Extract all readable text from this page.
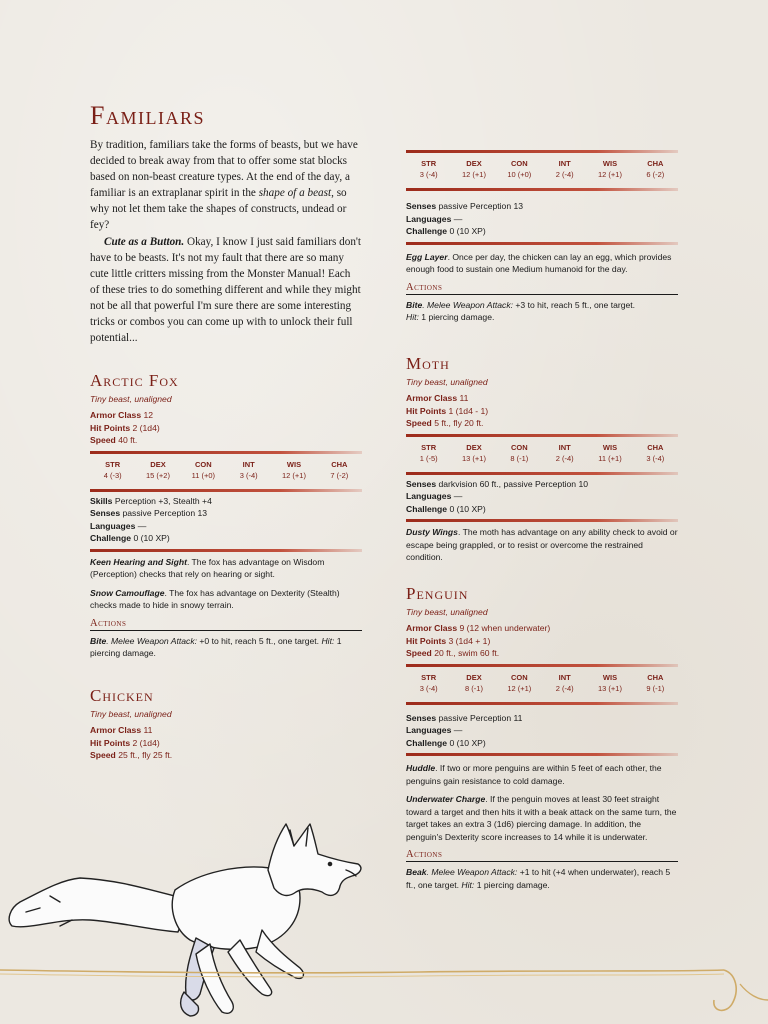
Familiars

By tradition, familiars take the forms of beasts, but we have decided to break away from that to offer some stat blocks based on non-beast creature types. At the end of the day, a familiar is an extraplanar spirit in the shape of a beast, so why not let them take the shapes of constructs, undead or fey?

Cute as a Button. Okay, I know I just said familiars don't have to be beasts. It's not my fault that there are so many cute little critters missing from the Monster Manual! Each of these tries to do something different and while they might not be all that powerful I'm sure there are some interesting tricks or combos you can come up with to unlock their full potential...

Arctic Fox
Tiny beast, unaligned
Armor Class 12
Hit Points 2 (1d4)
Speed 40 ft.
STR	DEX	CON	INT	WIS	CHA
4 (-3)	15 (+2)	11 (+0)	3 (-4)	12 (+1)	7 (-2)
Skills Perception +3, Stealth +4
Senses passive Perception 13
Languages —
Challenge 0 (10 XP)

Keen Hearing and Sight. The fox has advantage on Wisdom (Perception) checks that rely on hearing or sight.

Snow Camouflage. The fox has advantage on Dexterity (Stealth) checks made to hide in snowy terrain.

Actions

Bite. Melee Weapon Attack: +0 to hit, reach 5 ft., one target. Hit: 1 piercing damage.

Chicken
Tiny beast, unaligned
Armor Class 11
Hit Points 2 (1d4)
Speed 25 ft., fly 25 ft.
STR	DEX	CON	INT	WIS	CHA
3 (-4)	12 (+1)	10 (+0)	2 (-4)	12 (+1)	6 (-2)
Senses passive Perception 13
Languages —
Challenge 0 (10 XP)

Egg Layer. Once per day, the chicken can lay an egg, which provides enough food to sustain one Medium humanoid for the day.

Actions

Bite. Melee Weapon Attack: +3 to hit, reach 5 ft., one target.
Hit: 1 piercing damage.

Moth
Tiny beast, unaligned
Armor Class 11
Hit Points 1 (1d4 - 1)
Speed 5 ft., fly 20 ft.
STR	DEX	CON	INT	WIS	CHA
1 (-5)	13 (+1)	8 (-1)	2 (-4)	11 (+1)	3 (-4)
Senses darkvision 60 ft., passive Perception 10
Languages —
Challenge 0 (10 XP)

Dusty Wings. The moth has advantage on any ability check to avoid or escape being grappled, or to resist or overcome the restrained condition.

Penguin
Tiny beast, unaligned
Armor Class 9 (12 when underwater)
Hit Points 3 (1d4 + 1)
Speed 20 ft., swim 60 ft.
STR	DEX	CON	INT	WIS	CHA
3 (-4)	8 (-1)	12 (+1)	2 (-4)	13 (+1)	9 (-1)
Senses passive Perception 11
Languages —
Challenge 0 (10 XP)

Huddle. If two or more penguins are within 5 feet of each other, the penguins gain resistance to cold damage.

Underwater Charge. If the penguin moves at least 30 feet straight toward a target and then hits it with a beak attack on the same turn, the target takes an extra 3 (1d6) piercing damage. In addition, the penguin's Dexterity score increases to 14 while it is underwater.

Actions

Beak. Melee Weapon Attack: +1 to hit (+4 when underwater), reach 5 ft., one target. Hit: 1 piercing damage.
